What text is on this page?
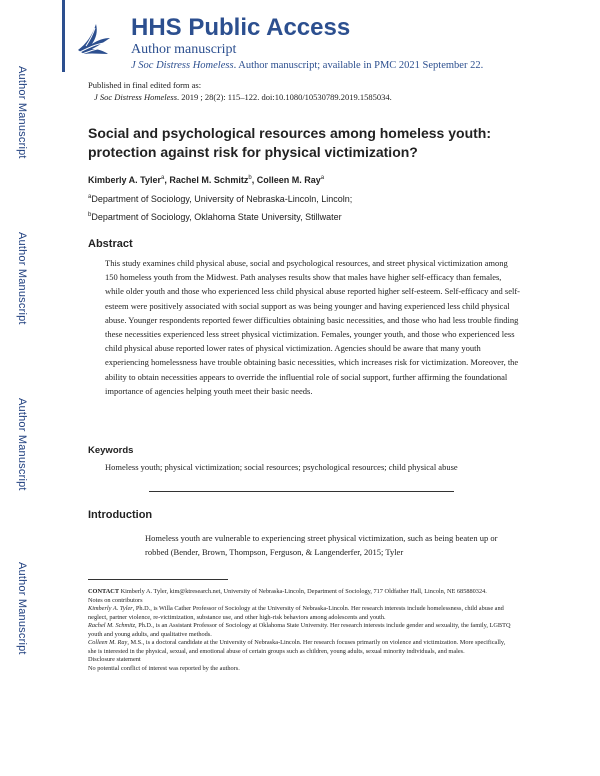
Author Manuscript
Author Manuscript
Author Manuscript
Author Manuscript
HHS Public Access
Author manuscript
J Soc Distress Homeless. Author manuscript; available in PMC 2021 September 22.
Published in final edited form as:
J Soc Distress Homeless. 2019 ; 28(2): 115–122. doi:10.1080/10530789.2019.1585034.
Social and psychological resources among homeless youth: protection against risk for physical victimization?
Kimberly A. Tyler$^a$, Rachel M. Schmitz$^b$, Colleen M. Ray$^a$
$^a$Department of Sociology, University of Nebraska-Lincoln, Lincoln;
$^b$Department of Sociology, Oklahoma State University, Stillwater
Abstract
This study examines child physical abuse, social and psychological resources, and street physical victimization among 150 homeless youth from the Midwest. Path analyses results show that males have higher self-efficacy than females, while older youth and those who experienced less child physical abuse reported higher self-esteem. Self-efficacy and self-esteem were positively associated with social support as was being younger and having experienced less child physical abuse. Younger respondents reported fewer difficulties obtaining basic necessities, and those who had less trouble finding these necessities experienced less street physical victimization. Females, younger youth, and those who experienced less child physical abuse reported lower rates of physical victimization. Agencies should be aware that many youth experiencing homelessness have trouble obtaining basic necessities, which increases risk for victimization. Moreover, the ability to obtain necessities appears to override the influential role of social support, further affirming the foundational importance of agencies helping youth meet their basic needs.
Keywords
Homeless youth; physical victimization; social resources; psychological resources; child physical abuse
Introduction
Homeless youth are vulnerable to experiencing street physical victimization, such as being beaten up or robbed (Bender, Brown, Thompson, Ferguson, & Langenderfer, 2015; Tyler

CONTACT Kimberly A. Tyler, kim@ktresearch.net, University of Nebraska-Lincoln, Department of Sociology, 717 Oldfather Hall, Lincoln, NE 685880324.

Notes on contributors

Kimberly A. Tyler, Ph.D., is Willa Cather Professor of Sociology at the University of Nebraska-Lincoln. Her research interests include homelessness, child abuse and neglect, partner violence, re-victimization, substance use, and other high-risk behaviors among adolescents and youth.

Rachel M. Schmitz, Ph.D., is an Assistant Professor of Sociology at Oklahoma State University. Her research interests include gender and sexuality, the family, LGBTQ youth and young adults, and qualitative methods.

Colleen M. Ray, M.S., is a doctoral candidate at the University of Nebraska-Lincoln. Her research focuses primarily on violence and victimization. More specifically, she is interested in the physical, sexual, and emotional abuse of certain groups such as children, young adults, sexual minority individuals, and males.

Disclosure statement

No potential conflict of interest was reported by the authors.
